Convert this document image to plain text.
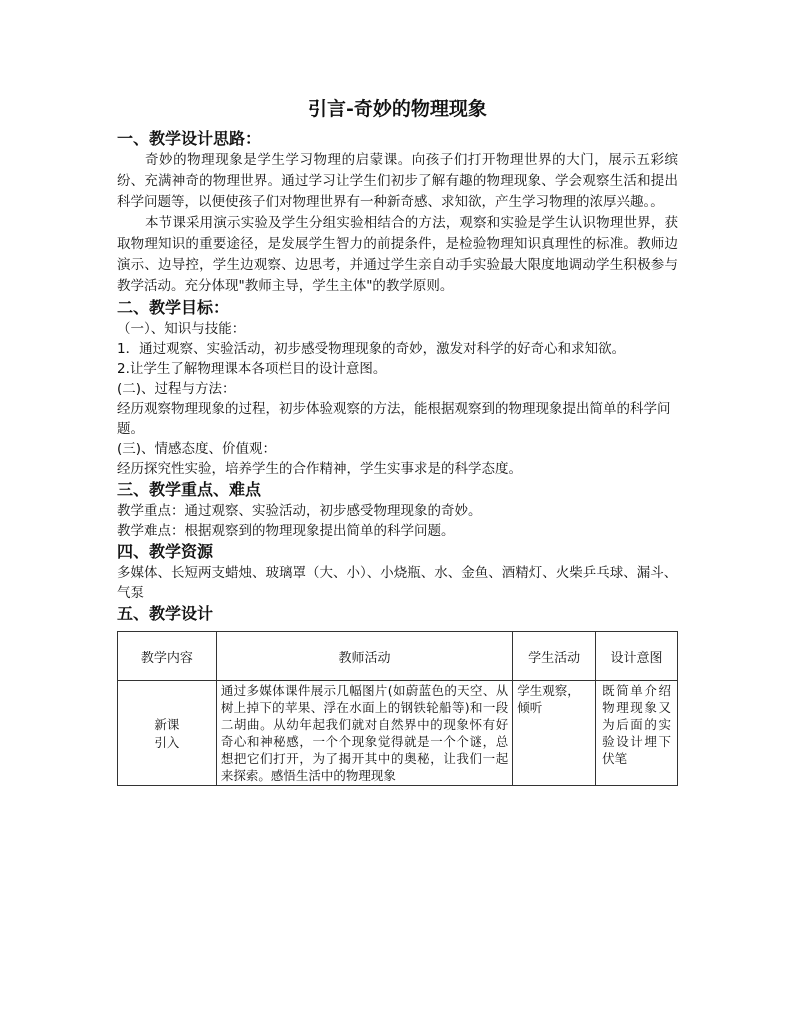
引言-奇妙的物理现象

一、教学设计思路：

奇妙的物理现象是学生学习物理的启蒙课。向孩子们打开物理世界的大门，展示五彩缤纷、充满神奇的物理世界。通过学习让学生们初步了解有趣的物理现象、学会观察生活和提出科学问题等，以便使孩子们对物理世界有一种新奇感、求知欲，产生学习物理的浓厚兴趣。。

本节课采用演示实验及学生分组实验相结合的方法，观察和实验是学生认识物理世界，获取物理知识的重要途径，是发展学生智力的前提条件，是检验物理知识真理性的标准。教师边演示、边导控，学生边观察、边思考，并通过学生亲自动手实验最大限度地调动学生积极参与教学活动。充分体现"教师主导，学生主体"的教学原则。

二、教学目标：

（一）、知识与技能：

1．通过观察、实验活动，初步感受物理现象的奇妙，激发对科学的好奇心和求知欲。

2.让学生了解物理课本各项栏目的设计意图。

(二)、过程与方法：

经历观察物理现象的过程，初步体验观察的方法，能根据观察到的物理现象提出简单的科学问题。

(三)、情感态度、价值观：

经历探究性实验，培养学生的合作精神，学生实事求是的科学态度。

三、教学重点、难点

教学重点：通过观察、实验活动，初步感受物理现象的奇妙。

教学难点：根据观察到的物理现象提出简单的科学问题。

四、教学资源

多媒体、长短两支蜡烛、玻璃罩（大、小）、小烧瓶、水、金鱼、酒精灯、火柴乒乓球、漏斗、气泵

五、教学设计

教学内容	教师活动	学生活动	设计意图
新课
引入	通过多媒体课件展示几幅图片(如蔚蓝色的天空、从树上掉下的苹果、浮在水面上的钢铁轮船等)和一段二胡曲。从幼年起我们就对自然界中的现象怀有好奇心和神秘感，一个个现象觉得就是一个个谜，总想把它们打开，为了揭开其中的奥秘，让我们一起来探索。感悟生活中的物理现象	学生观察，倾听	既简单介绍物理现象又为后面的实验设计埋下伏笔
